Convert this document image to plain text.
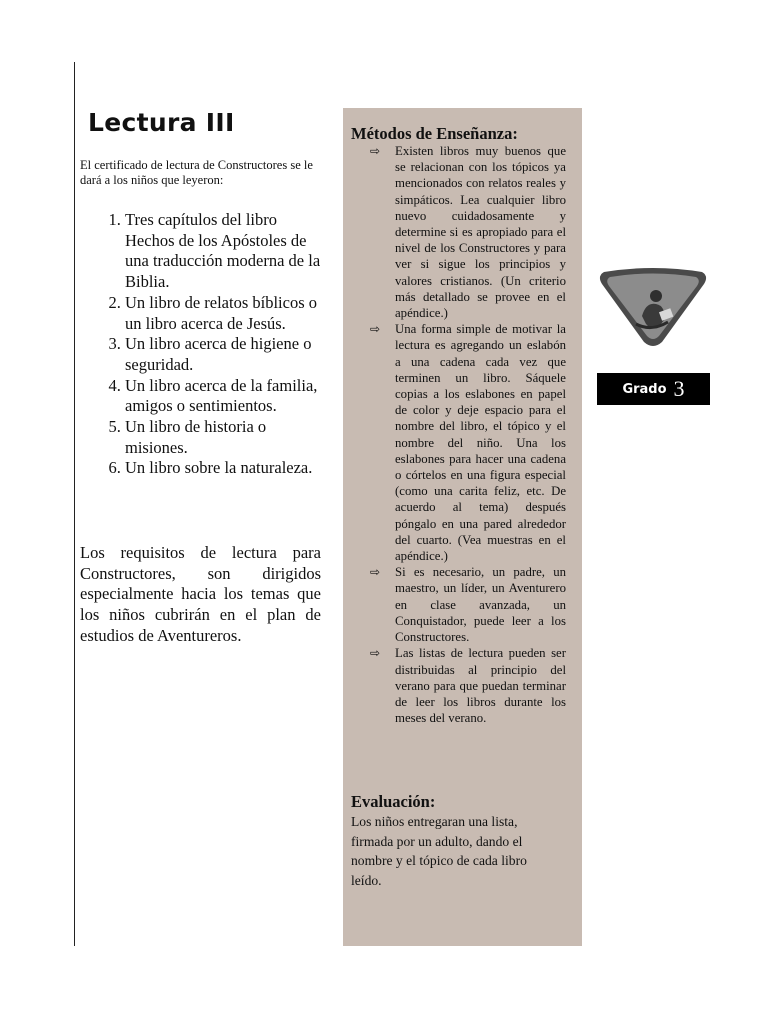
Lectura III

El certificado de lectura de Constructores se le dará a los niños que leyeron:

1. Tres capítulos del libro Hechos de los Apóstoles de una traducción moderna de la Biblia.
2. Un libro de relatos bíblicos o un libro acerca de Jesús.
3. Un libro acerca de higiene o seguridad.
4. Un libro acerca de la familia, amigos o sentimientos.
5. Un libro de historia o misiones.
6. Un libro sobre la naturaleza.

Los requisitos de lectura para Constructores, son dirigidos especialmente hacia los temas que los niños cubrirán en el plan de estudios de Aventureros.

Métodos de Enseñanza:
⇨ Existen libros muy buenos que se relacionan con los tópicos ya mencionados con relatos reales y simpáticos. Lea cualquier libro nuevo cuidadosamente y determine si es apropiado para el nivel de los Constructores y para ver si sigue los principios y valores cristianos. (Un criterio más detallado se provee en el apéndice.)
⇨ Una forma simple de motivar la lectura es agregando un eslabón a una cadena cada vez que terminen un libro. Sáquele copias a los eslabones en papel de color y deje espacio para el nombre del libro, el tópico y el nombre del niño. Una los eslabones para hacer una cadena o córtelos en una figura especial (como una carita feliz, etc. De acuerdo al tema) después póngalo en una pared alrededor del cuarto. (Vea muestras en el apéndice.)
⇨ Si es necesario, un padre, un maestro, un líder, un Aventurero en clase avanzada, un Conquistador, puede leer a los Constructores.
⇨ Las listas de lectura pueden ser distribuidas al principio del verano para que puedan terminar de leer los libros durante los meses del verano.
Evaluación:

Los niños entregaran una lista, firmada por un adulto, dando el nombre y el tópico de cada libro leído.

Grado 3
